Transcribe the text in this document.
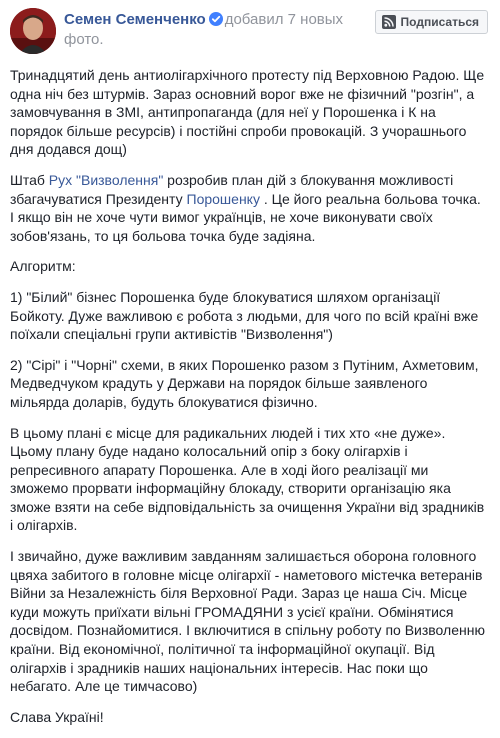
Семен Семенченко добавил 7 новых
фото.
Подписаться

Тринадцятий день антиолігархічного протесту під Верховною Радою. Ще одна ніч без штурмів. Зараз основний ворог вже не фізичний "розгін", а замовчування в ЗМІ, антипропаганда (для неї у Порошенка і К на порядок більше ресурсів) і постійні спроби провокацій. З учорашнього дня додався дощ)

Штаб Рух "Визволення" розробив план дій з блокування можливості збагачуватися Президенту Порошенку . Це його реальна больова точка. І якщо він не хоче чути вимог українців, не хоче виконувати своїх зобов'язань, то ця больова точка буде задіяна.

Алгоритм:

1) "Білий" бізнес Порошенка буде блокуватися шляхом організації Бойкоту. Дуже важливою є робота з людьми, для чого по всій країні вже поїхали спеціальні групи активістів "Визволення")

2) "Сірі" і "Чорні" схеми, в яких Порошенко разом з Путіним, Ахметовим, Медведчуком крадуть у Держави на порядок більше заявленого мільярда доларів, будуть блокуватися фізично.

В цьому плані є місце для радикальних людей і тих хто «не дуже». Цьому плану буде надано колосальний опір з боку олігархів і репресивного апарату Порошенка. Але в ході його реалізації ми зможемо прорвати інформаційну блокаду, створити організацію яка зможе взяти на себе відповідальність за очищення України від зрадників і олігархів.

І звичайно, дуже важливим завданням залишається оборона головного цвяха забитого в головне місце олігархії - наметового містечка ветеранів Війни за Незалежність біля Верховної Ради. Зараз це наша Січ. Місце куди можуть приїхати вільні ГРОМАДЯНИ з усієї країни. Обмінятися досвідом. Познайомитися. І включитися в спільну роботу по Визволенню країни. Від економічної, політичної та інформаційної окупації. Від олігархів і зрадників наших національних інтересів. Нас поки що небагато. Але це тимчасово)

Слава Україні!
